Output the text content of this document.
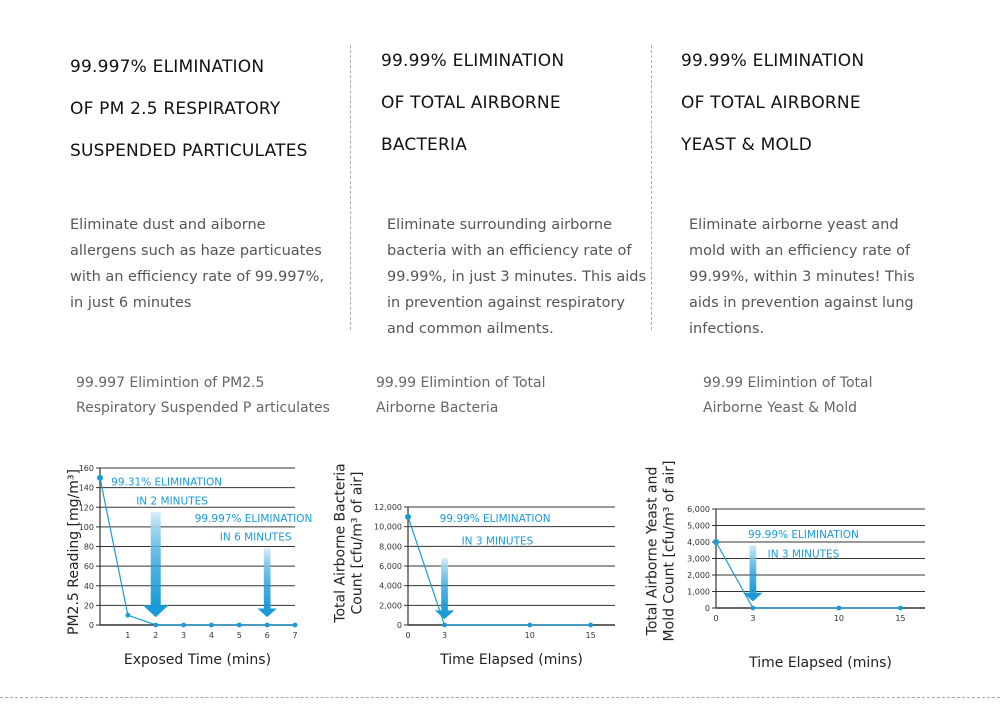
99.997% ELIMINATION
OF PM 2.5 RESPIRATORY
SUSPENDED PARTICULATES
99.99% ELIMINATION
OF TOTAL AIRBORNE
BACTERIA
99.99% ELIMINATION
OF TOTAL AIRBORNE
YEAST & MOLD

Eliminate dust and aiborne allergens such as haze particuates with an efficiency rate of 99.997%, in just 6 minutes

Eliminate surrounding airborne bacteria with an efficiency rate of 99.99%, in just 3 minutes. This aids in prevention against respiratory and common ailments.

Eliminate airborne yeast and mold with an efficiency rate of 99.99%, within 3 minutes! This aids in prevention against lung infections.

99.997 Elimintion of PM2.5
Respiratory Suspended P articulates

99.99 Elimintion of Total
Airborne Bacteria

99.99 Elimintion of Total
Airborne Yeast & Mold

0
20
40
60
80
100
120
140
160
1	2	3	4	5	6	7
99.31% ELIMINATION
IN 2 MINUTES
99.997% ELIMINATION
IN 6 MINUTES
Exposed Time (mins)
PM2.5 Reading [mg/m³]	0
2,000
4,000
6,000
8,000
10,000
12,000
0	3	10	15
99.99% ELIMINATION
IN 3 MINUTES
Time Elapsed (mins)
Total Airborne Bacteria Count [cfu/m³ of air]	0
1,000
2,000
3,000
4,000
5,000
6,000
0	3	10	15
99.99% ELIMINATION
IN 3 MINUTES
Time Elapsed (mins)
Total Airborne Yeast and Mold Count [cfu/m³ of air]
